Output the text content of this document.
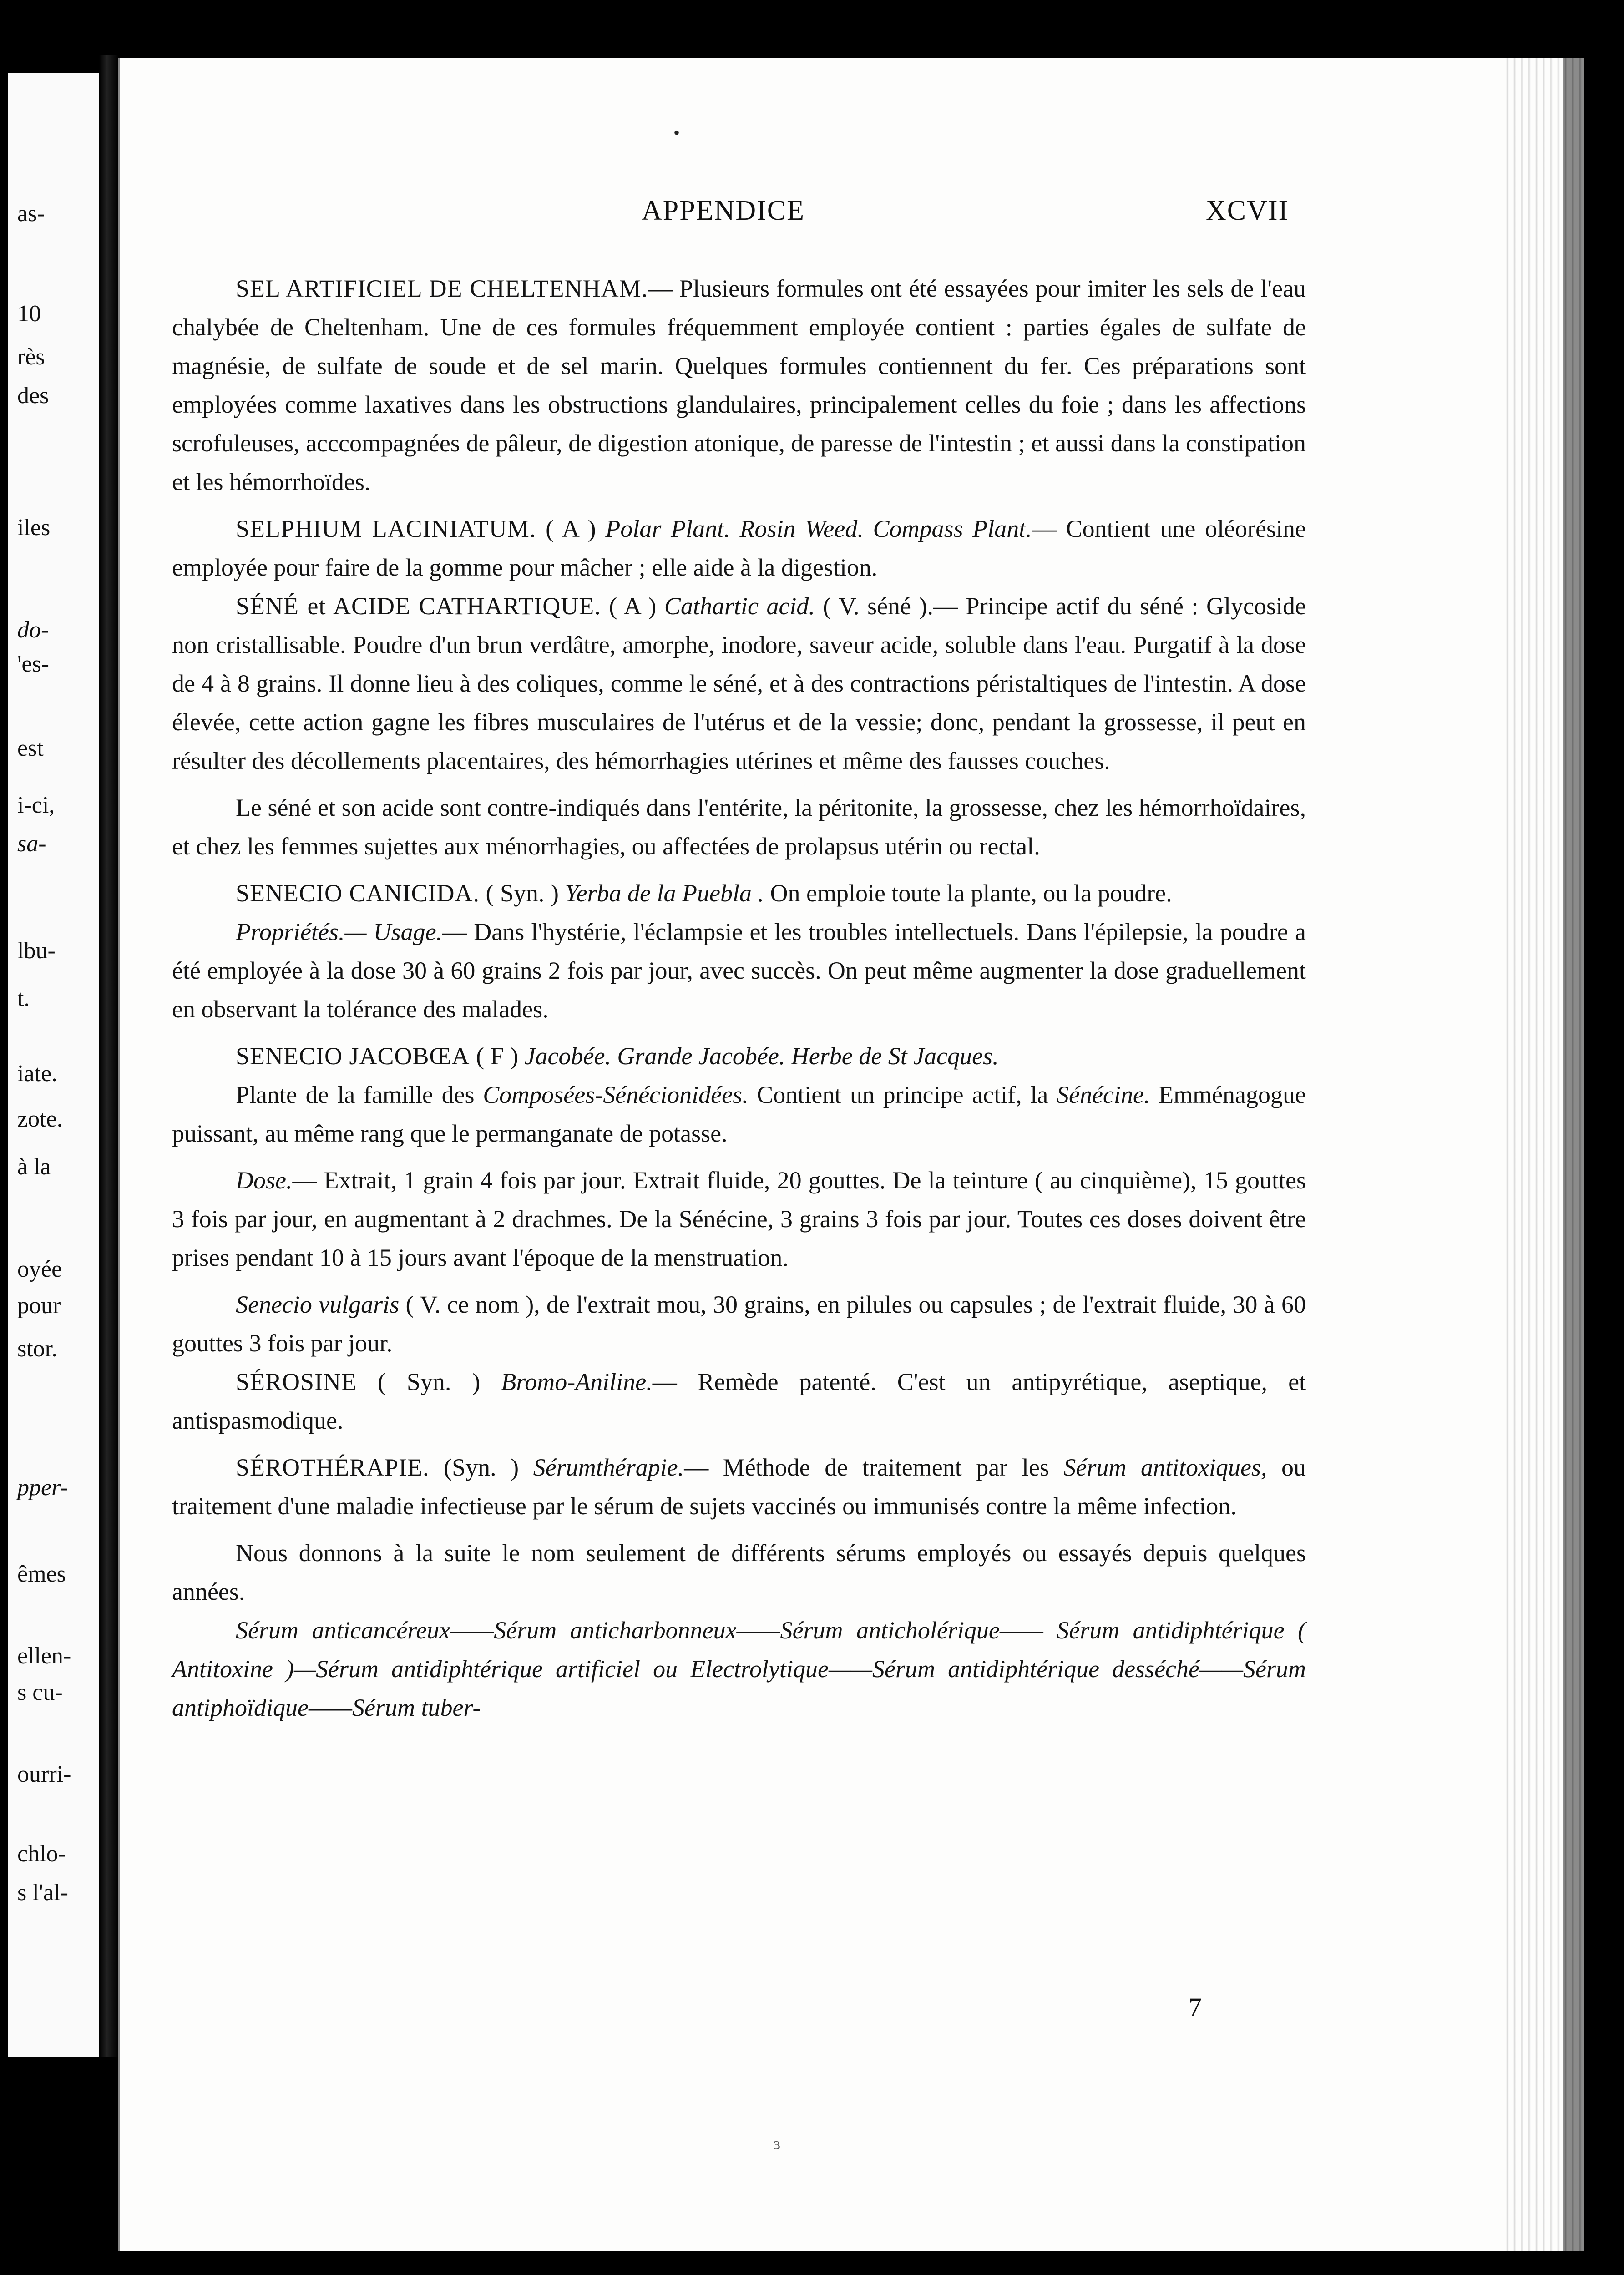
as-
10
rès
des
iles
do-
'es-
est
i-ci,
sa-
lbu-
t.
iate.
zote.
à la
oyée
pour
stor.
pper-
êmes
ellen-
s cu-
ourri-
chlo-
s l'al-
•
APPENDICE	XCVII

SEL ARTIFICIEL DE CHELTENHAM.— Plusieurs formules ont été essayées pour imiter les sels de l'eau chalybée de Cheltenham. Une de ces formules fréquemment employée contient : parties égales de sulfate de magnésie, de sulfate de soude et de sel marin. Quelques formules contiennent du fer. Ces préparations sont employées comme laxatives dans les obstructions glandulaires, principalement celles du foie ; dans les affections scrofuleuses, acccompagnées de pâleur, de digestion atonique, de paresse de l'intestin ; et aussi dans la constipation et les hémorrhoïdes.

SELPHIUM LACINIATUM. ( A ) Polar Plant. Rosin Weed. Compass Plant.— Contient une oléorésine employée pour faire de la gomme pour mâcher ; elle aide à la digestion.

SÉNÉ et ACIDE CATHARTIQUE. ( A ) Cathartic acid. ( V. séné ).— Principe actif du séné : Glycoside non cristallisable. Poudre d'un brun verdâtre, amorphe, inodore, saveur acide, soluble dans l'eau. Purgatif à la dose de 4 à 8 grains. Il donne lieu à des coliques, comme le séné, et à des contractions péristaltiques de l'intestin. A dose élevée, cette action gagne les fibres musculaires de l'utérus et de la vessie; donc, pendant la grossesse, il peut en résulter des décollements placentaires, des hémorrhagies utérines et même des fausses couches.

Le séné et son acide sont contre-indiqués dans l'entérite, la péritonite, la grossesse, chez les hémorrhoïdaires, et chez les femmes sujettes aux ménorrhagies, ou affectées de prolapsus utérin ou rectal.

SENECIO CANICIDA. ( Syn. ) Yerba de la Puebla . On emploie toute la plante, ou la poudre.

Propriétés.— Usage.— Dans l'hystérie, l'éclampsie et les troubles intellectuels. Dans l'épilepsie, la poudre a été employée à la dose 30 à 60 grains 2 fois par jour, avec succès. On peut même augmenter la dose graduellement en observant la tolérance des malades.

SENECIO JACOBŒA ( F ) Jacobée. Grande Jacobée. Herbe de St Jacques.

Plante de la famille des Composées-Sénécionidées. Contient un principe actif, la Sénécine. Emménagogue puissant, au même rang que le permanganate de potasse.

Dose.— Extrait, 1 grain 4 fois par jour. Extrait fluide, 20 gouttes. De la teinture ( au cinquième), 15 gouttes 3 fois par jour, en augmentant à 2 drachmes. De la Sénécine, 3 grains 3 fois par jour. Toutes ces doses doivent être prises pendant 10 à 15 jours avant l'époque de la menstruation.

Senecio vulgaris ( V. ce nom ), de l'extrait mou, 30 grains, en pilules ou capsules ; de l'extrait fluide, 30 à 60 gouttes 3 fois par jour.

SÉROSINE ( Syn. ) Bromo-Aniline.— Remède patenté. C'est un antipyrétique, aseptique, et antispasmodique.

SÉROTHÉRAPIE. (Syn. ) Sérumthérapie.— Méthode de traitement par les Sérum antitoxiques, ou traitement d'une maladie infectieuse par le sérum de sujets vaccinés ou immunisés contre la même infection.

Nous donnons à la suite le nom seulement de différents sérums employés ou essayés depuis quelques années.

Sérum anticancéreux——Sérum anticharbonneux——Sérum anticholérique—— Sérum antidiphtérique ( Antitoxine )—Sérum antidiphtérique artificiel ou Electrolytique——Sérum antidiphtérique desséché——Sérum antiphoïdique——Sérum tuber-

7
ɜ
